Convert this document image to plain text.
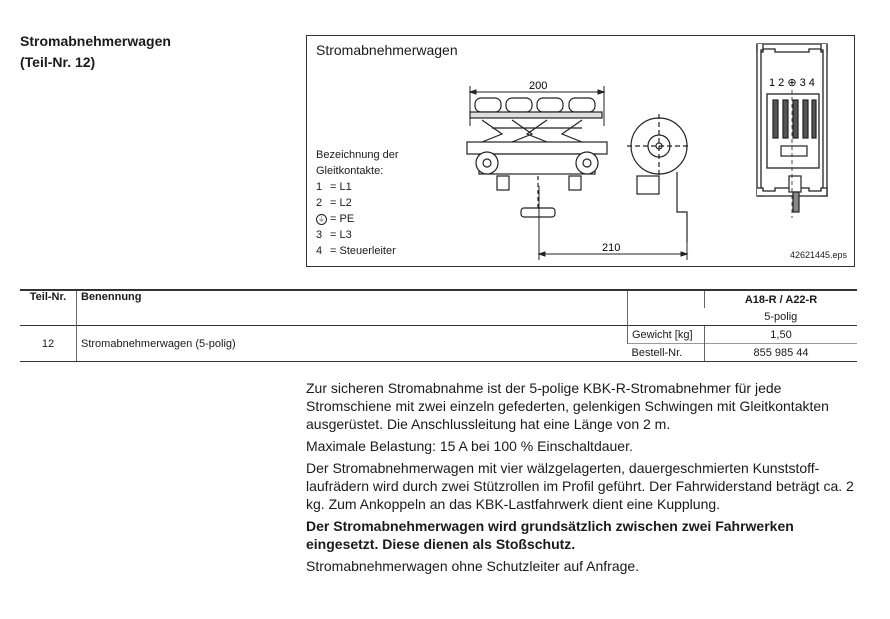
Stromabnehmerwagen
(Teil-Nr. 12)
Stromabnehmerwagen
200
210
1 2 ⊕ 3 4
Bezeichnung der
Gleitkontakte:
1 = L1
2 = L2
⏚ = PE
3 = L3
4 = Steuerleiter	42621445.eps
Teil-Nr.	Benennung		A18-R / A22-R
			5-polig
12	Stromabnehmerwagen (5-polig)	Gewicht [kg]	1,50
		Bestell-Nr.	855 985 44

Zur sicheren Stromabnahme ist der 5-polige KBK-R-Stromabnehmer für jede Stromschiene mit zwei einzeln gefederten, gelenkigen Schwingen mit Gleitkontakten ausgerüstet. Die Anschlussleitung hat eine Länge von 2 m.

Maximale Belastung: 15 A bei 100 % Einschaltdauer.

Der Stromabnehmerwagen mit vier wälzgelagerten, dauergeschmierten Kunststofflaufrädern wird durch zwei Stützrollen im Profil geführt. Der Fahrwiderstand beträgt ca. 2 kg. Zum Ankoppeln an das KBK-Lastfahrwerk dient eine Kupplung.

Der Stromabnehmerwagen wird grundsätzlich zwischen zwei Fahrwerken eingesetzt. Diese dienen als Stoßschutz.

Stromabnehmerwagen ohne Schutzleiter auf Anfrage.
